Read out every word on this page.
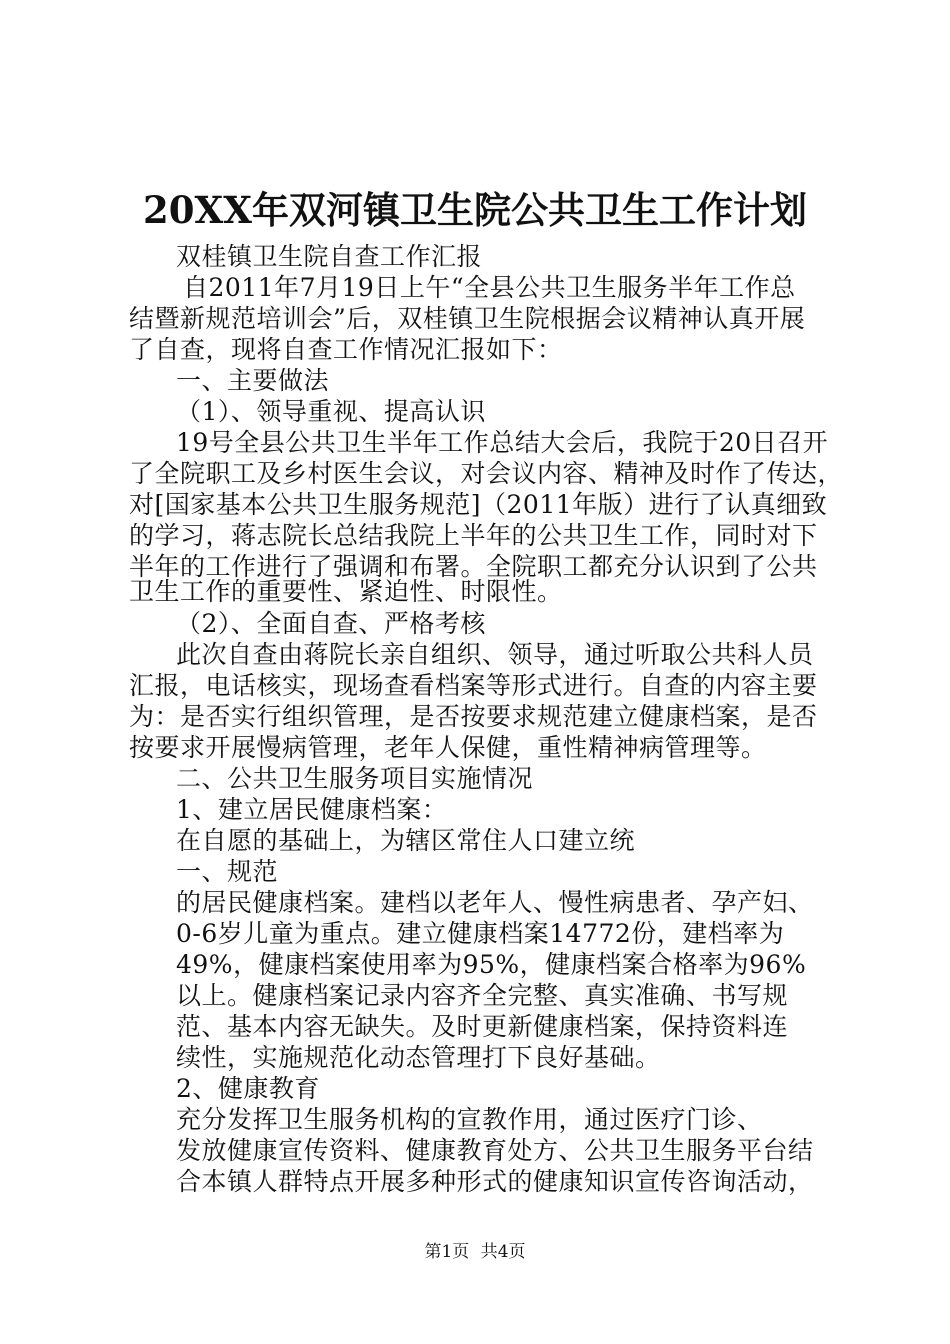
20XX年双河镇卫生院公共卫生工作计划
双桂镇卫生院自查工作汇报
自2011年7月19日上午“全县公共卫生服务半年工作总
结暨新规范培训会”后，双桂镇卫生院根据会议精神认真开展
了自查，现将自查工作情况汇报如下：
一、主要做法
（1）、领导重视、提高认识
19号全县公共卫生半年工作总结大会后，我院于20日召开
了全院职工及乡村医生会议，对会议内容、精神及时作了传达，
对[国家基本公共卫生服务规范]（2011年版）进行了认真细致
的学习，蒋志院长总结我院上半年的公共卫生工作，同时对下
半年的工作进行了强调和布署。全院职工都充分认识到了公共
卫生工作的重要性、紧迫性、时限性。
（2）、全面自查、严格考核
此次自查由蒋院长亲自组织、领导，通过听取公共科人员
汇报，电话核实，现场查看档案等形式进行。自查的内容主要
为：是否实行组织管理，是否按要求规范建立健康档案，是否
按要求开展慢病管理，老年人保健，重性精神病管理等。
二、公共卫生服务项目实施情况
1、建立居民健康档案：
在自愿的基础上，为辖区常住人口建立统
一、规范
的居民健康档案。建档以老年人、慢性病患者、孕产妇、
0-6岁儿童为重点。建立健康档案14772份，建档率为
49%，健康档案使用率为95%，健康档案合格率为96%
以上。健康档案记录内容齐全完整、真实准确、书写规
范、基本内容无缺失。及时更新健康档案，保持资料连
续性，实施规范化动态管理打下良好基础。
2、健康教育
充分发挥卫生服务机构的宣教作用，通过医疗门诊、
发放健康宣传资料、健康教育处方、公共卫生服务平台结
合本镇人群特点开展多种形式的健康知识宣传咨询活动，
第1页 共4页
